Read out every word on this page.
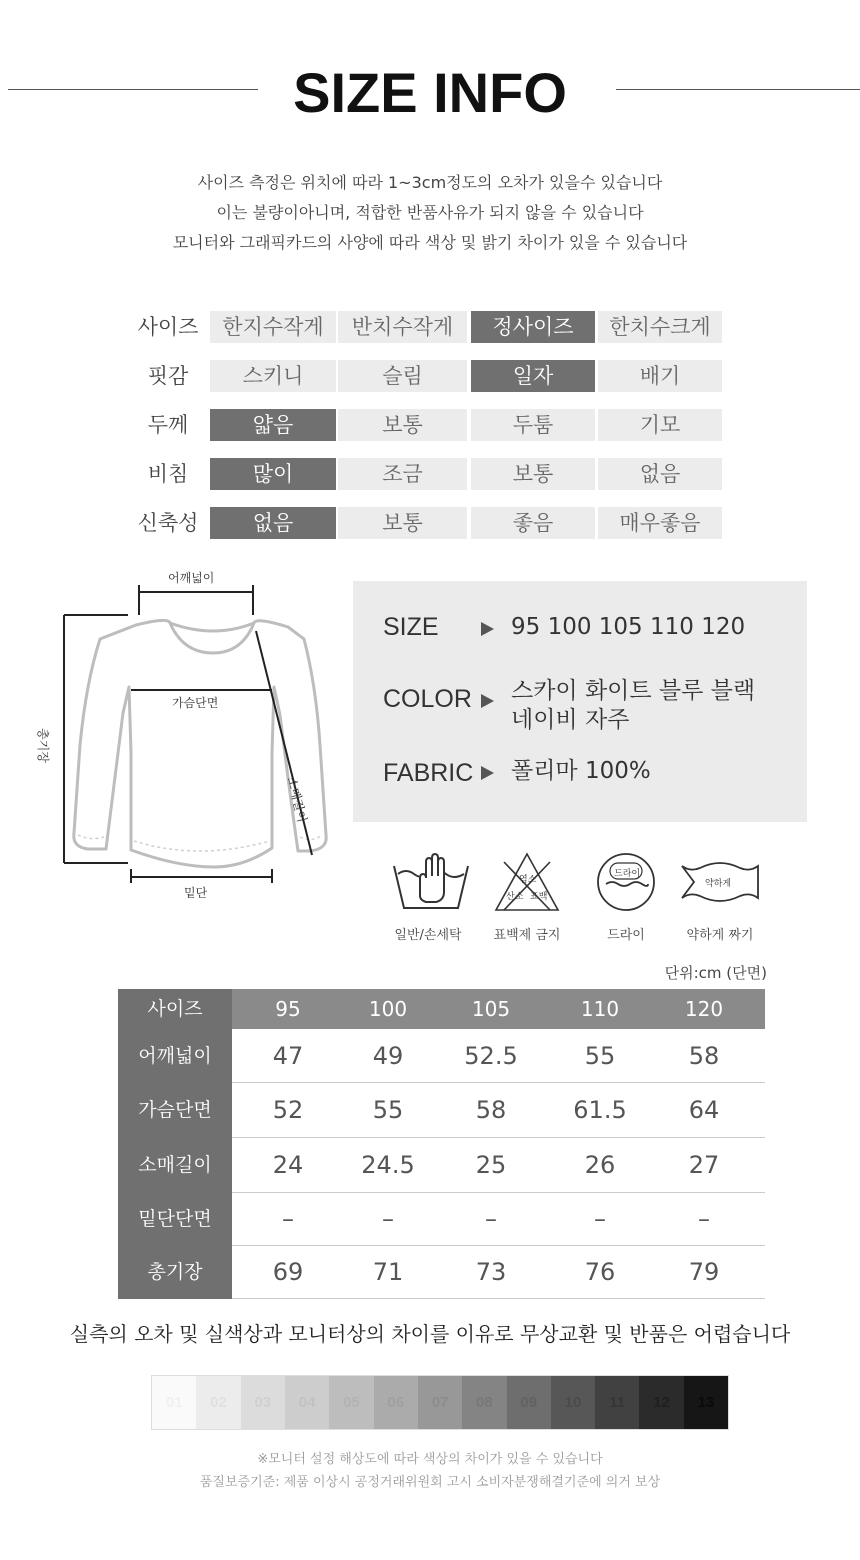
SIZE INFO
사이즈 측정은 위치에 따라 1~3cm정도의 오차가 있을수 있습니다
이는 불량이아니며, 적합한 반품사유가 되지 않을 수 있습니다
모니터와 그래픽카드의 사양에 따라 색상 및 밝기 차이가 있을 수 있습니다
사이즈	한지수작게	반치수작게	정사이즈	한치수크게
핏감	스키니	슬림	일자	배기
두께	얇음	보통	두툼	기모
비침	많이	조금	보통	없음
신축성	없음	보통	좋음	매우좋음
어깨넓이
가슴단면
총기장
소매길이
밑단
SIZE	95 100 105 110 120
COLOR 스카이 화이트 블루 블랙
네이비 자주
FABRIC 폴리마 100%
일반/손세탁
염소
산소 표백
표백제 금지
드라이
드라이
약하게
약하게 짜기
단위:cm (단면)
사이즈	95	100	105	110	120
어깨넓이	47	49	52.5	55	58
가슴단면	52	55	58	61.5	64
소매길이	24	24.5	25	26	27
밑단단면	–	–	–	–	–
총기장	69	71	73	76	79
실측의 오차 및 실색상과 모니터상의 차이를 이유로 무상교환 및 반품은 어렵습니다
01	02	03	04	05	06	07	08	09	10	11	12	13
※모니터 설정 해상도에 따라 색상의 차이가 있을 수 있습니다
품질보증기준: 제품 이상시 공정거래위원회 고시 소비자분쟁해결기준에 의거 보상
